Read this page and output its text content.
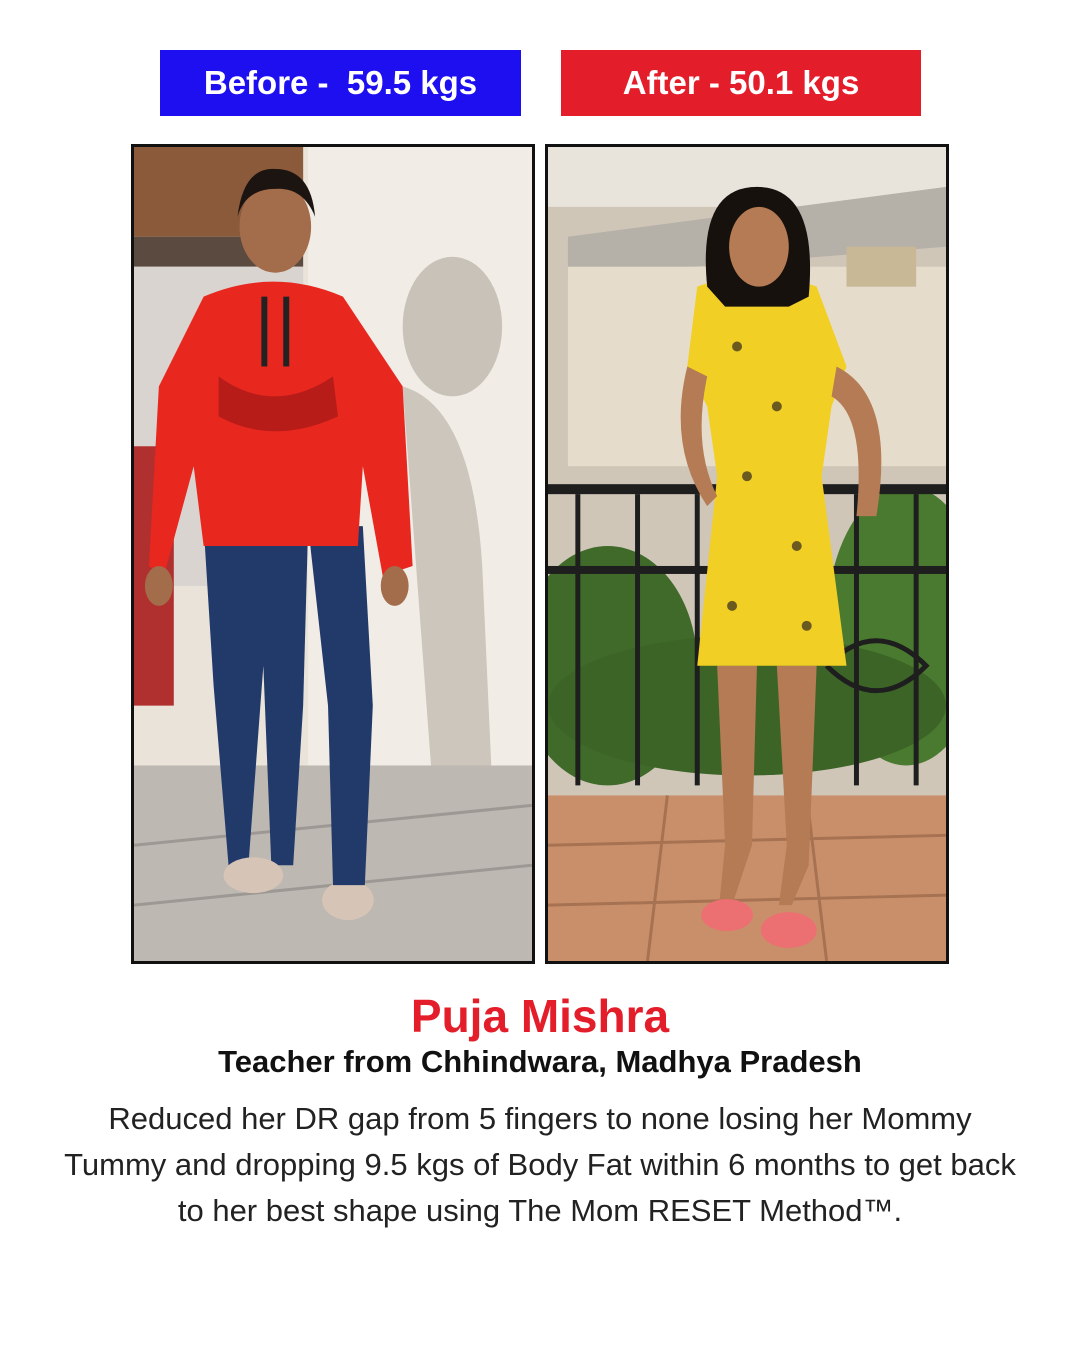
Before -  59.5 kgs	After - 50.1 kgs
Puja Mishra
Teacher from Chhindwara, Madhya Pradesh
Reduced her DR gap from 5 fingers to none losing her Mommy Tummy and dropping 9.5 kgs of Body Fat within 6 months to get back to her best shape using The Mom RESET Method™.
